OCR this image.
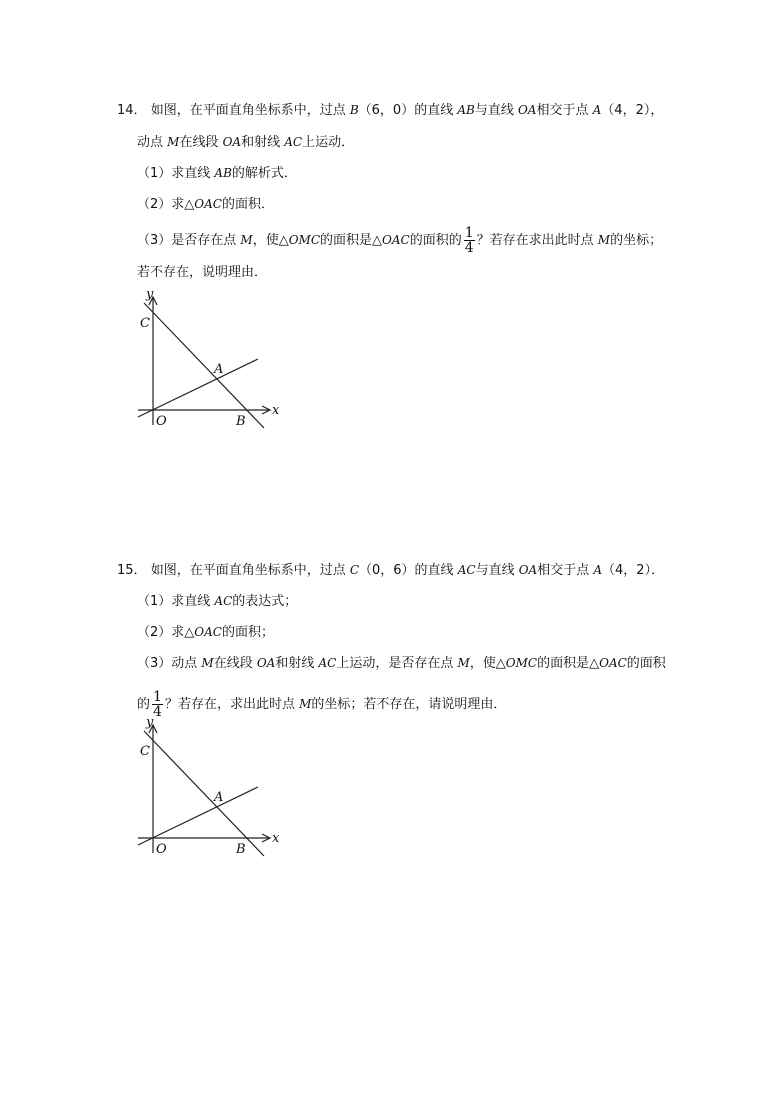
14． 如图，在平面直角坐标系中，过点 B（6，0）的直线 AB与直线 OA相交于点 A（4，2），
动点 M在线段 OA和射线 AC上运动．
（1）求直线 AB的解析式．
（2）求△OAC的面积．
（3）是否存在点 M，使△OMC的面积是△OAC的面积的 $\frac{1}{4}$ ？若存在求出此时点 M的坐标；
若不存在，说明理由．
y
x
C
A
O	B
15． 如图，在平面直角坐标系中，过点 C（0，6）的直线 AC与直线 OA相交于点 A（4，2）．
（1）求直线 AC的表达式；
（2）求△OAC的面积；
（3）动点 M在线段 OA和射线 AC上运动，是否存在点 M，使△OMC的面积是△OAC的面积
的 $\frac{1}{4}$ ？若存在，求出此时点 M的坐标；若不存在，请说明理由．
y
x
C
A
O	B
